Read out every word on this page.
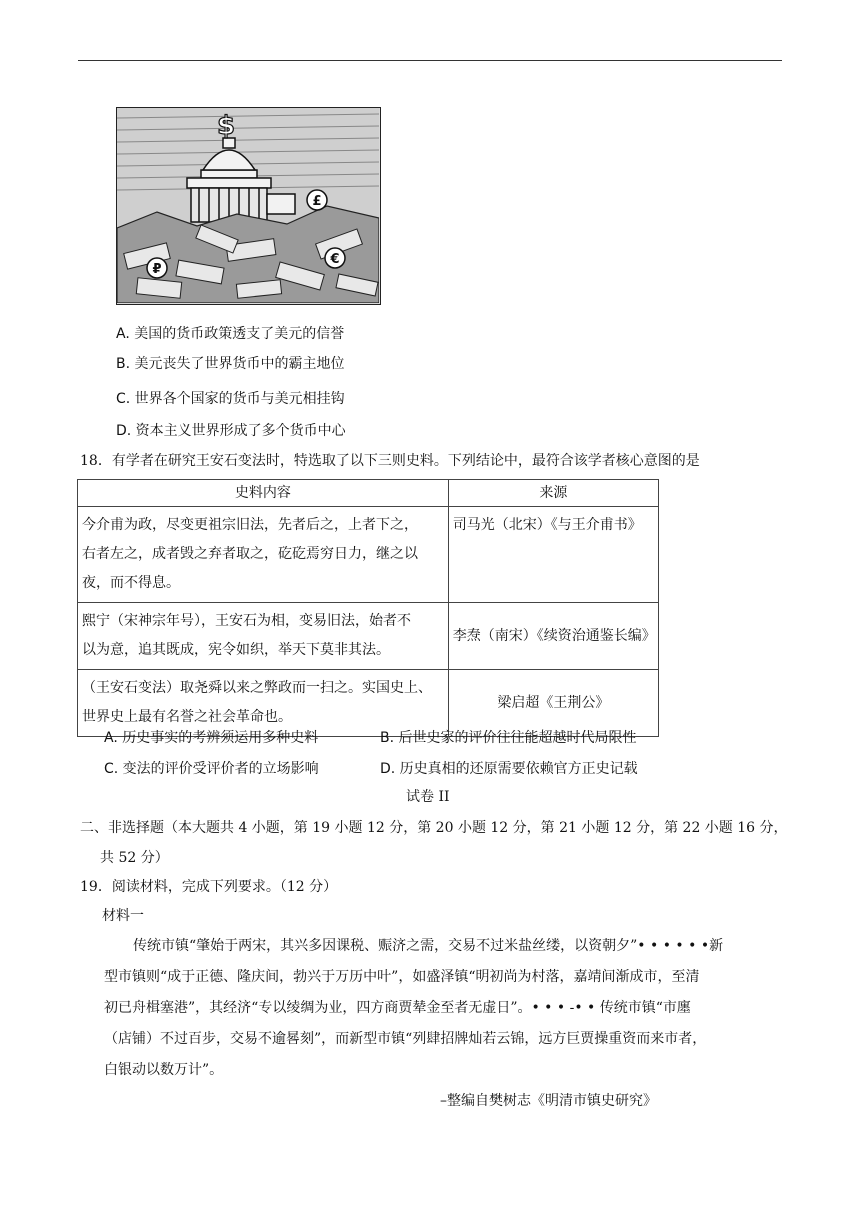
$
£
€
₽
A. 美国的货币政策透支了美元的信誉
B. 美元丧失了世界货币中的霸主地位
C. 世界各个国家的货币与美元相挂钩
D. 资本主义世界形成了多个货币中心
18．有学者在研究王安石变法时，特选取了以下三则史料。下列结论中，最符合该学者核心意图的是
史料内容	来源

今介甫为政，尽变更祖宗旧法，先者后之，上者下之，
右者左之，成者毁之弃者取之，矻矻焉穷日力，继之以
夜，而不得息。	司马光（北宋）《与王介甫书》

熙宁（宋神宗年号），王安石为相，变易旧法，始者不
以为意，追其既成，宪令如织，举天下莫非其法。	李焘（南宋）《续资治通鉴长编》

（王安石变法）取尧舜以来之弊政而一扫之。实国史上、
世界史上最有名誉之社会革命也。	梁启超《王荆公》
A. 历史事实的考辨须运用多种史料	B. 后世史家的评价往往能超越时代局限性
C. 变法的评价受评价者的立场影响	D. 历史真相的还原需要依赖官方正史记载
试卷 II
二、非选择题（本大题共 4 小题，第 19 小题 12 分，第 20 小题 12 分，第 21 小题 12 分，第 22 小题 16 分，
共 52 分）
19．阅读材料，完成下列要求。（12 分）
材料一
传统市镇“肇始于两宋，其兴多因课税、赈济之需，交易不过米盐丝缕，以资朝夕”• • • • • •新
型市镇则“成于正德、隆庆间，勃兴于万历中叶”，如盛泽镇“明初尚为村落，嘉靖间渐成市，至清
初已舟楫塞港”，其经济“专以绫绸为业，四方商贾辇金至者无虚日”。• • • -• • 传统市镇“市廛
（店铺）不过百步，交易不逾晷刻”，而新型市镇“列肆招牌灿若云锦，远方巨贾操重资而来市者，
白银动以数万计”。
–整编自樊树志《明清市镇史研究》
